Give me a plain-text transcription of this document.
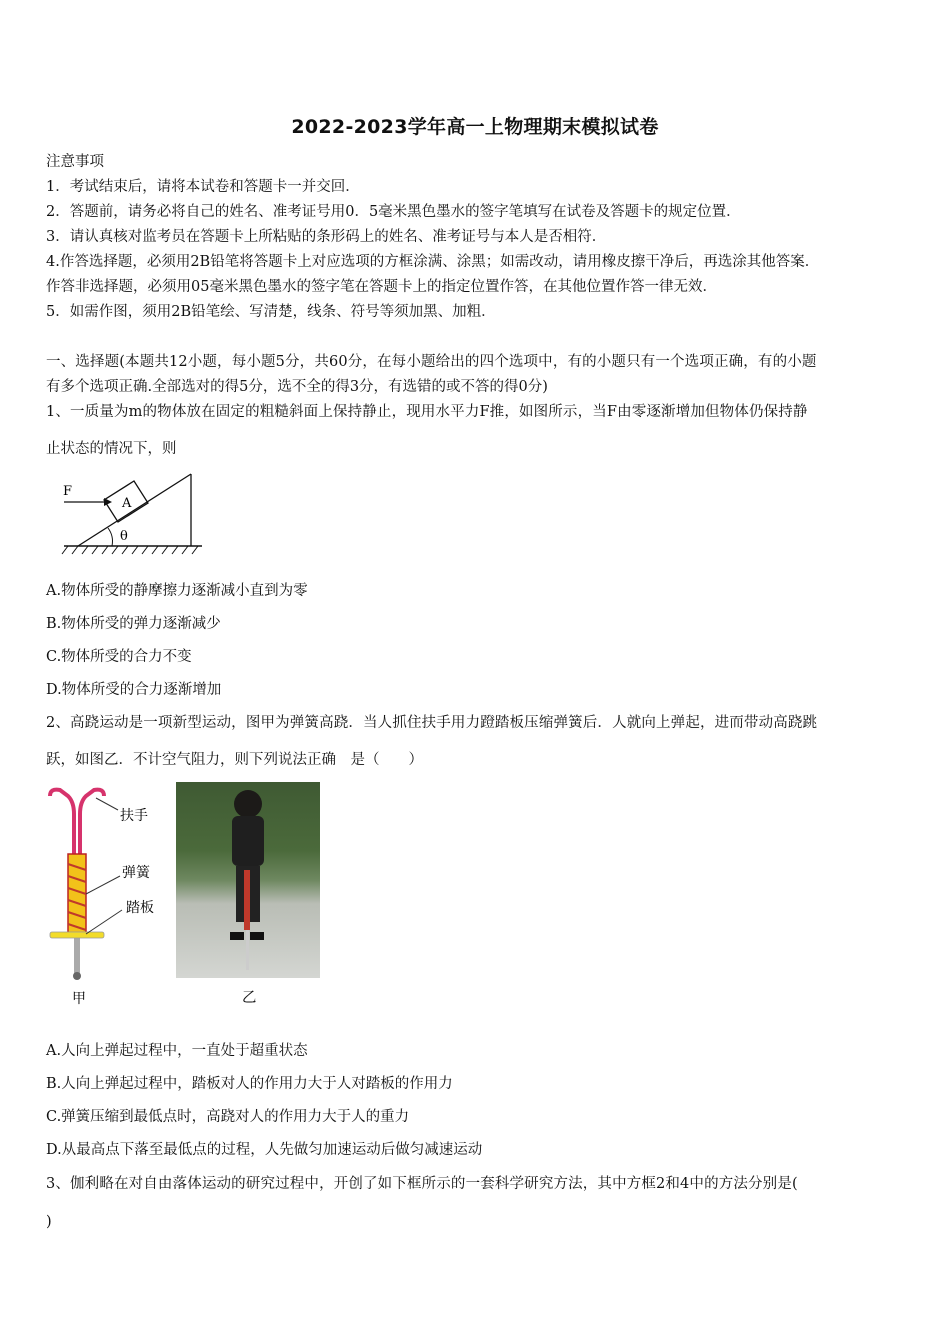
2022-2023学年高一上物理期末模拟试卷
注意事项
1．考试结束后，请将本试卷和答题卡一并交回．
2．答题前，请务必将自己的姓名、准考证号用0．5毫米黑色墨水的签字笔填写在试卷及答题卡的规定位置．
3．请认真核对监考员在答题卡上所粘贴的条形码上的姓名、准考证号与本人是否相符．
4.作答选择题，必须用2B铅笔将答题卡上对应选项的方框涂满、涂黑；如需改动，请用橡皮擦干净后，再选涂其他答案．
作答非选择题，必须用05毫米黑色墨水的签字笔在答题卡上的指定位置作答，在其他位置作答一律无效．
5．如需作图，须用2B铅笔绘、写清楚，线条、符号等须加黑、加粗．
一、选择题(本题共12小题，每小题5分，共60分，在每小题给出的四个选项中，有的小题只有一个选项正确，有的小题
有多个选项正确.全部选对的得5分，选不全的得3分，有选错的或不答的得0分)
1、一质量为m的物体放在固定的粗糙斜面上保持静止，现用水平力F推，如图所示，当F由零逐渐增加但物体仍保持静
止状态的情况下，则
F
A
θ
A.物体所受的静摩擦力逐渐减小直到为零
B.物体所受的弹力逐渐减少
C.物体所受的合力不变
D.物体所受的合力逐渐增加
2、高跷运动是一项新型运动，图甲为弹簧高跷．当人抓住扶手用力蹬踏板压缩弹簧后．人就向上弹起，进而带动高跷跳
跃，如图乙．不计空气阻力，则下列说法正确　是（　　）
扶手
弹簧
踏板
甲	乙
A.人向上弹起过程中，一直处于超重状态
B.人向上弹起过程中，踏板对人的作用力大于人对踏板的作用力
C.弹簧压缩到最低点时，高跷对人的作用力大于人的重力
D.从最高点下落至最低点的过程，人先做匀加速运动后做匀减速运动
3、伽利略在对自由落体运动的研究过程中，开创了如下框所示的一套科学研究方法，其中方框2和4中的方法分别是(
)
